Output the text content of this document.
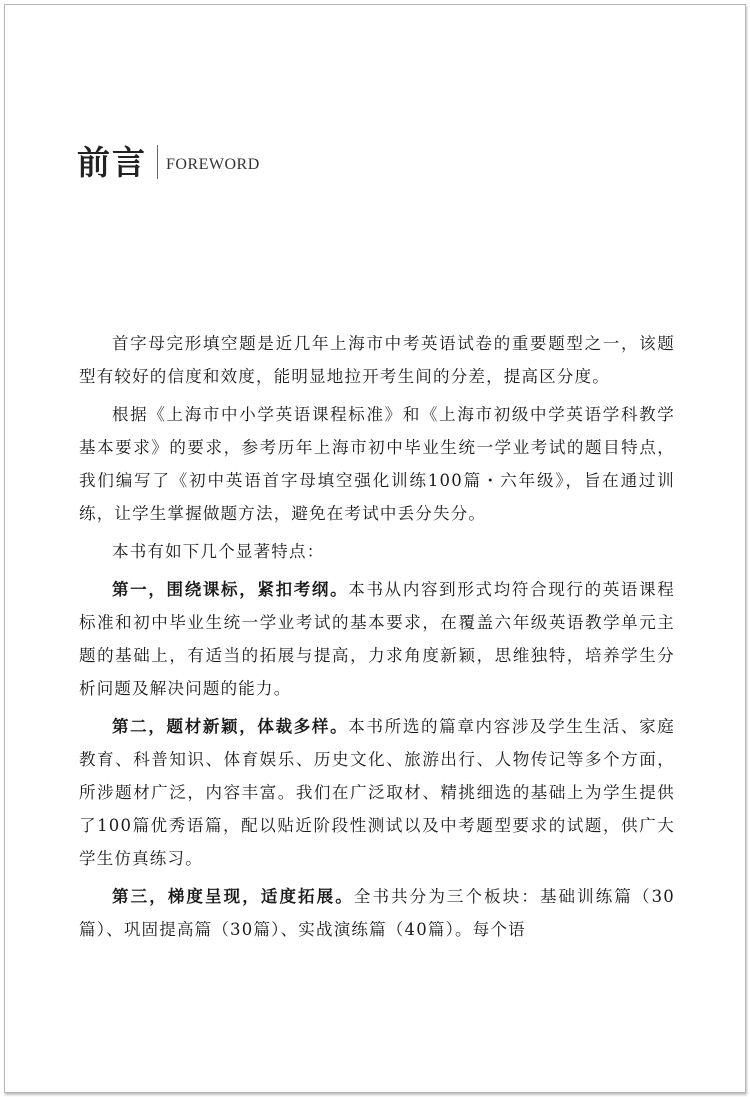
前言 FOREWORD

首字母完形填空题是近几年上海市中考英语试卷的重要题型之一，该题型有较好的信度和效度，能明显地拉开考生间的分差，提高区分度。

根据《上海市中小学英语课程标准》和《上海市初级中学英语学科教学基本要求》的要求，参考历年上海市初中毕业生统一学业考试的题目特点，我们编写了《初中英语首字母填空强化训练100篇・六年级》，旨在通过训练，让学生掌握做题方法，避免在考试中丢分失分。

本书有如下几个显著特点：

第一，围绕课标，紧扣考纲。本书从内容到形式均符合现行的英语课程标准和初中毕业生统一学业考试的基本要求，在覆盖六年级英语教学单元主题的基础上，有适当的拓展与提高，力求角度新颖，思维独特，培养学生分析问题及解决问题的能力。

第二，题材新颖，体裁多样。本书所选的篇章内容涉及学生生活、家庭教育、科普知识、体育娱乐、历史文化、旅游出行、人物传记等多个方面，所涉题材广泛，内容丰富。我们在广泛取材、精挑细选的基础上为学生提供了100篇优秀语篇，配以贴近阶段性测试以及中考题型要求的试题，供广大学生仿真练习。

第三，梯度呈现，适度拓展。全书共分为三个板块：基础训练篇（30篇）、巩固提高篇（30篇）、实战演练篇（40篇）。每个语
